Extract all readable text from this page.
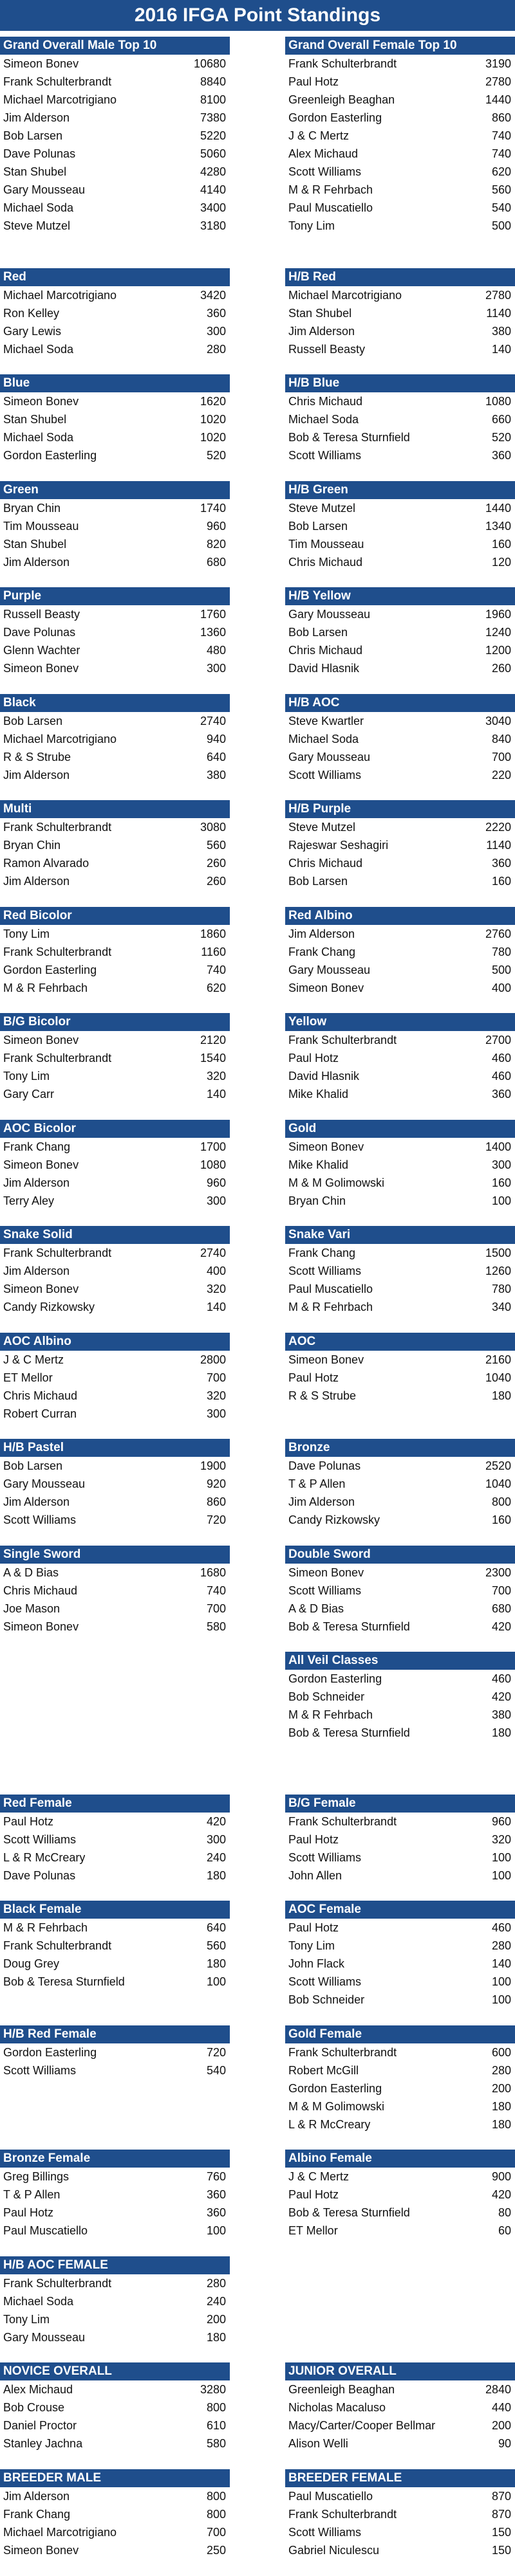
2016 IFGA Point Standings
Grand Overall Male Top 10
Simeon Bonev	10680
Frank Schulterbrandt	8840
Michael Marcotrigiano	8100
Jim Alderson	7380
Bob Larsen	5220
Dave Polunas	5060
Stan Shubel	4280
Gary Mousseau	4140
Michael Soda	3400
Steve Mutzel	3180
Grand Overall Female Top 10
Frank Schulterbrandt	3190
Paul Hotz	2780
Greenleigh Beaghan	1440
Gordon Easterling	860
J & C Mertz	740
Alex Michaud	740
Scott Williams	620
M & R Fehrbach	560
Paul Muscatiello	540
Tony Lim	500
Red
Michael Marcotrigiano	3420
Ron Kelley	360
Gary Lewis	300
Michael Soda	280
H/B Red
Michael Marcotrigiano	2780
Stan Shubel	1140
Jim Alderson	380
Russell Beasty	140
Blue
Simeon Bonev	1620
Stan Shubel	1020
Michael Soda	1020
Gordon Easterling	520
H/B Blue
Chris Michaud	1080
Michael Soda	660
Bob & Teresa Sturnfield	520
Scott Williams	360
Green
Bryan Chin	1740
Tim Mousseau	960
Stan Shubel	820
Jim Alderson	680
H/B Green
Steve Mutzel	1440
Bob Larsen	1340
Tim Mousseau	160
Chris Michaud	120
Purple
Russell Beasty	1760
Dave Polunas	1360
Glenn Wachter	480
Simeon Bonev	300
H/B Yellow
Gary Mousseau	1960
Bob Larsen	1240
Chris Michaud	1200
David Hlasnik	260
Black
Bob Larsen	2740
Michael Marcotrigiano	940
R & S Strube	640
Jim Alderson	380
H/B AOC
Steve Kwartler	3040
Michael Soda	840
Gary Mousseau	700
Scott Williams	220
Multi
Frank Schulterbrandt	3080
Bryan Chin	560
Ramon Alvarado	260
Jim Alderson	260
H/B Purple
Steve Mutzel	2220
Rajeswar Seshagiri	1140
Chris Michaud	360
Bob Larsen	160
Red Bicolor
Tony Lim	1860
Frank Schulterbrandt	1160
Gordon Easterling	740
M & R Fehrbach	620
Red Albino
Jim Alderson	2760
Frank Chang	780
Gary Mousseau	500
Simeon Bonev	400
B/G Bicolor
Simeon Bonev	2120
Frank Schulterbrandt	1540
Tony Lim	320
Gary Carr	140
Yellow
Frank Schulterbrandt	2700
Paul Hotz	460
David Hlasnik	460
Mike Khalid	360
AOC Bicolor
Frank Chang	1700
Simeon Bonev	1080
Jim Alderson	960
Terry Aley	300
Gold
Simeon Bonev	1400
Mike Khalid	300
M & M Golimowski	160
Bryan Chin	100
Snake Solid
Frank Schulterbrandt	2740
Jim Alderson	400
Simeon Bonev	320
Candy Rizkowsky	140
Snake Vari
Frank Chang	1500
Scott Williams	1260
Paul Muscatiello	780
M & R Fehrbach	340
AOC Albino
J & C Mertz	2800
ET Mellor	700
Chris Michaud	320
Robert Curran	300
AOC
Simeon Bonev	2160
Paul Hotz	1040
R & S Strube	180
H/B Pastel
Bob Larsen	1900
Gary Mousseau	920
Jim Alderson	860
Scott Williams	720
Bronze
Dave Polunas	2520
T & P Allen	1040
Jim Alderson	800
Candy Rizkowsky	160
Single Sword
A & D Bias	1680
Chris Michaud	740
Joe Mason	700
Simeon Bonev	580
Double Sword
Simeon Bonev	2300
Scott Williams	700
A & D Bias	680
Bob & Teresa Sturnfield	420
All Veil Classes
Gordon Easterling	460
Bob Schneider	420
M & R Fehrbach	380
Bob & Teresa Sturnfield	180
Red Female
Paul Hotz	420
Scott Williams	300
L & R McCreary	240
Dave Polunas	180
B/G Female
Frank Schulterbrandt	960
Paul Hotz	320
Scott Williams	100
John Allen	100
Black Female
M & R Fehrbach	640
Frank Schulterbrandt	560
Doug Grey	180
Bob & Teresa Sturnfield	100
AOC Female
Paul Hotz	460
Tony Lim	280
John Flack	140
Scott Williams	100
Bob Schneider	100
H/B Red Female
Gordon Easterling	720
Scott Williams	540
Gold Female
Frank Schulterbrandt	600
Robert McGill	280
Gordon Easterling	200
M & M Golimowski	180
L & R McCreary	180
Bronze Female
Greg Billings	760
T & P Allen	360
Paul Hotz	360
Paul Muscatiello	100
Albino Female
J & C Mertz	900
Paul Hotz	420
Bob & Teresa Sturnfield	80
ET Mellor	60
H/B AOC FEMALE
Frank Schulterbrandt	280
Michael Soda	240
Tony Lim	200
Gary Mousseau	180
NOVICE OVERALL
Alex Michaud	3280
Bob Crouse	800
Daniel Proctor	610
Stanley Jachna	580
JUNIOR OVERALL
Greenleigh Beaghan	2840
Nicholas Macaluso	440
Macy/Carter/Cooper Bellmar	200
Alison Welli	90
BREEDER MALE
Jim Alderson	800
Frank Chang	800
Michael Marcotrigiano	700
Simeon Bonev	250
BREEDER FEMALE
Paul Muscatiello	870
Frank Schulterbrandt	870
Scott Williams	150
Gabriel Niculescu	150
